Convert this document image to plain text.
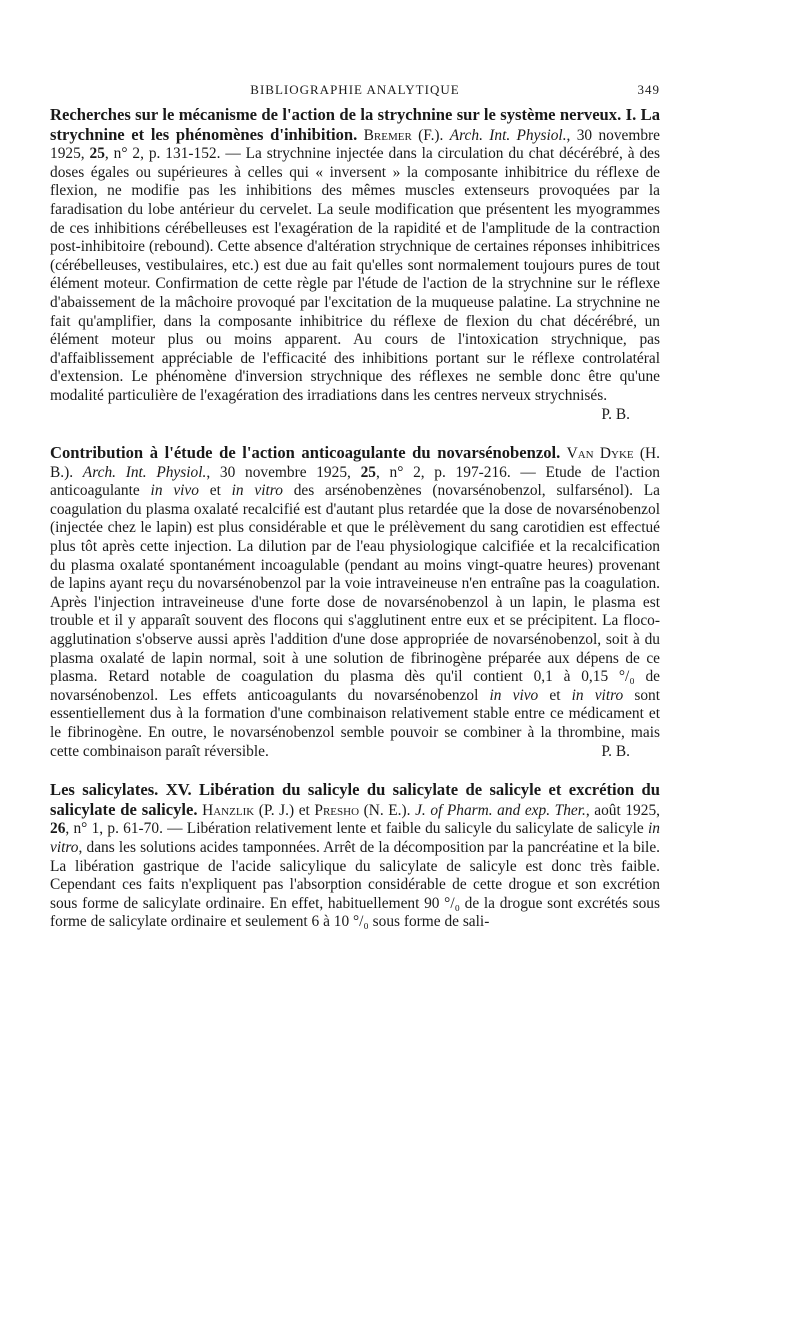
BIBLIOGRAPHIE ANALYTIQUE	349

Recherches sur le mécanisme de l'action de la strychnine sur le système nerveux. I. La strychnine et les phénomènes d'inhibition. Bremer (F.). Arch. Int. Physiol., 30 novembre 1925, 25, n° 2, p. 131-152. — La strychnine injectée dans la circulation du chat décérébré, à des doses égales ou supérieures à celles qui « inversent » la composante inhibitrice du réflexe de flexion, ne modifie pas les inhibitions des mêmes muscles extenseurs provoquées par la faradisation du lobe antérieur du cervelet. La seule modification que présentent les myogrammes de ces inhibitions cérébelleuses est l'exagération de la rapidité et de l'amplitude de la contraction post-inhibitoire (rebound). Cette absence d'altération strychnique de certaines réponses inhibitrices (cérébelleuses, vestibulaires, etc.) est due au fait qu'elles sont normalement toujours pures de tout élément moteur. Confirmation de cette règle par l'étude de l'action de la strychnine sur le réflexe d'abaissement de la mâchoire provoqué par l'excitation de la muqueuse palatine. La strychnine ne fait qu'amplifier, dans la composante inhibitrice du réflexe de flexion du chat décérébré, un élément moteur plus ou moins apparent. Au cours de l'intoxication strychnique, pas d'affaiblissement appréciable de l'efficacité des inhibitions portant sur le réflexe controlatéral d'extension. Le phénomène d'inversion strychnique des réflexes ne semble donc être qu'une modalité particulière de l'exagération des irradiations dans les centres nerveux strychnisés.
P. B.

Contribution à l'étude de l'action anticoagulante du novarsénobenzol. Van Dyke (H. B.). Arch. Int. Physiol., 30 novembre 1925, 25, n° 2, p. 197-216. — Etude de l'action anticoagulante in vivo et in vitro des arsénobenzènes (novarsénobenzol, sulfarsénol). La coagulation du plasma oxalaté recalcifié est d'autant plus retardée que la dose de novarsénobenzol (injectée chez le lapin) est plus considérable et que le prélèvement du sang carotidien est effectué plus tôt après cette injection. La dilution par de l'eau physiologique calcifiée et la recalcification du plasma oxalaté spontanément incoagulable (pendant au moins vingt-quatre heures) provenant de lapins ayant reçu du novarsénobenzol par la voie intraveineuse n'en entraîne pas la coagulation. Après l'injection intraveineuse d'une forte dose de novarsénobenzol à un lapin, le plasma est trouble et il y apparaît souvent des flocons qui s'agglutinent entre eux et se précipitent. La floco-agglutination s'observe aussi après l'addition d'une dose appropriée de novarsénobenzol, soit à du plasma oxalaté de lapin normal, soit à une solution de fibrinogène préparée aux dépens de ce plasma. Retard notable de coagulation du plasma dès qu'il contient 0,1 à 0,15 °/₀ de novarsénobenzol. Les effets anticoagulants du novarsénobenzol in vivo et in vitro sont essentiellement dus à la formation d'une combinaison relativement stable entre ce médicament et le fibrinogène. En outre, le novarsénobenzol semble pouvoir se combiner à la thrombine, mais cette combinaison paraît réversible.	P. B.

Les salicylates. XV. Libération du salicyle du salicylate de salicyle et excrétion du salicylate de salicyle. Hanzlik (P. J.) et Presho (N. E.). J. of Pharm. and exp. Ther., août 1925, 26, n° 1, p. 61-70. — Libération relativement lente et faible du salicyle du salicylate de salicyle in vitro, dans les solutions acides tamponnées. Arrêt de la décomposition par la pancréatine et la bile. La libération gastrique de l'acide salicylique du salicylate de salicyle est donc très faible. Cependant ces faits n'expliquent pas l'absorption considérable de cette drogue et son excrétion sous forme de salicylate ordinaire. En effet, habituellement 90 °/₀ de la drogue sont excrétés sous forme de salicylate ordinaire et seulement 6 à 10 °/₀ sous forme de sali-
